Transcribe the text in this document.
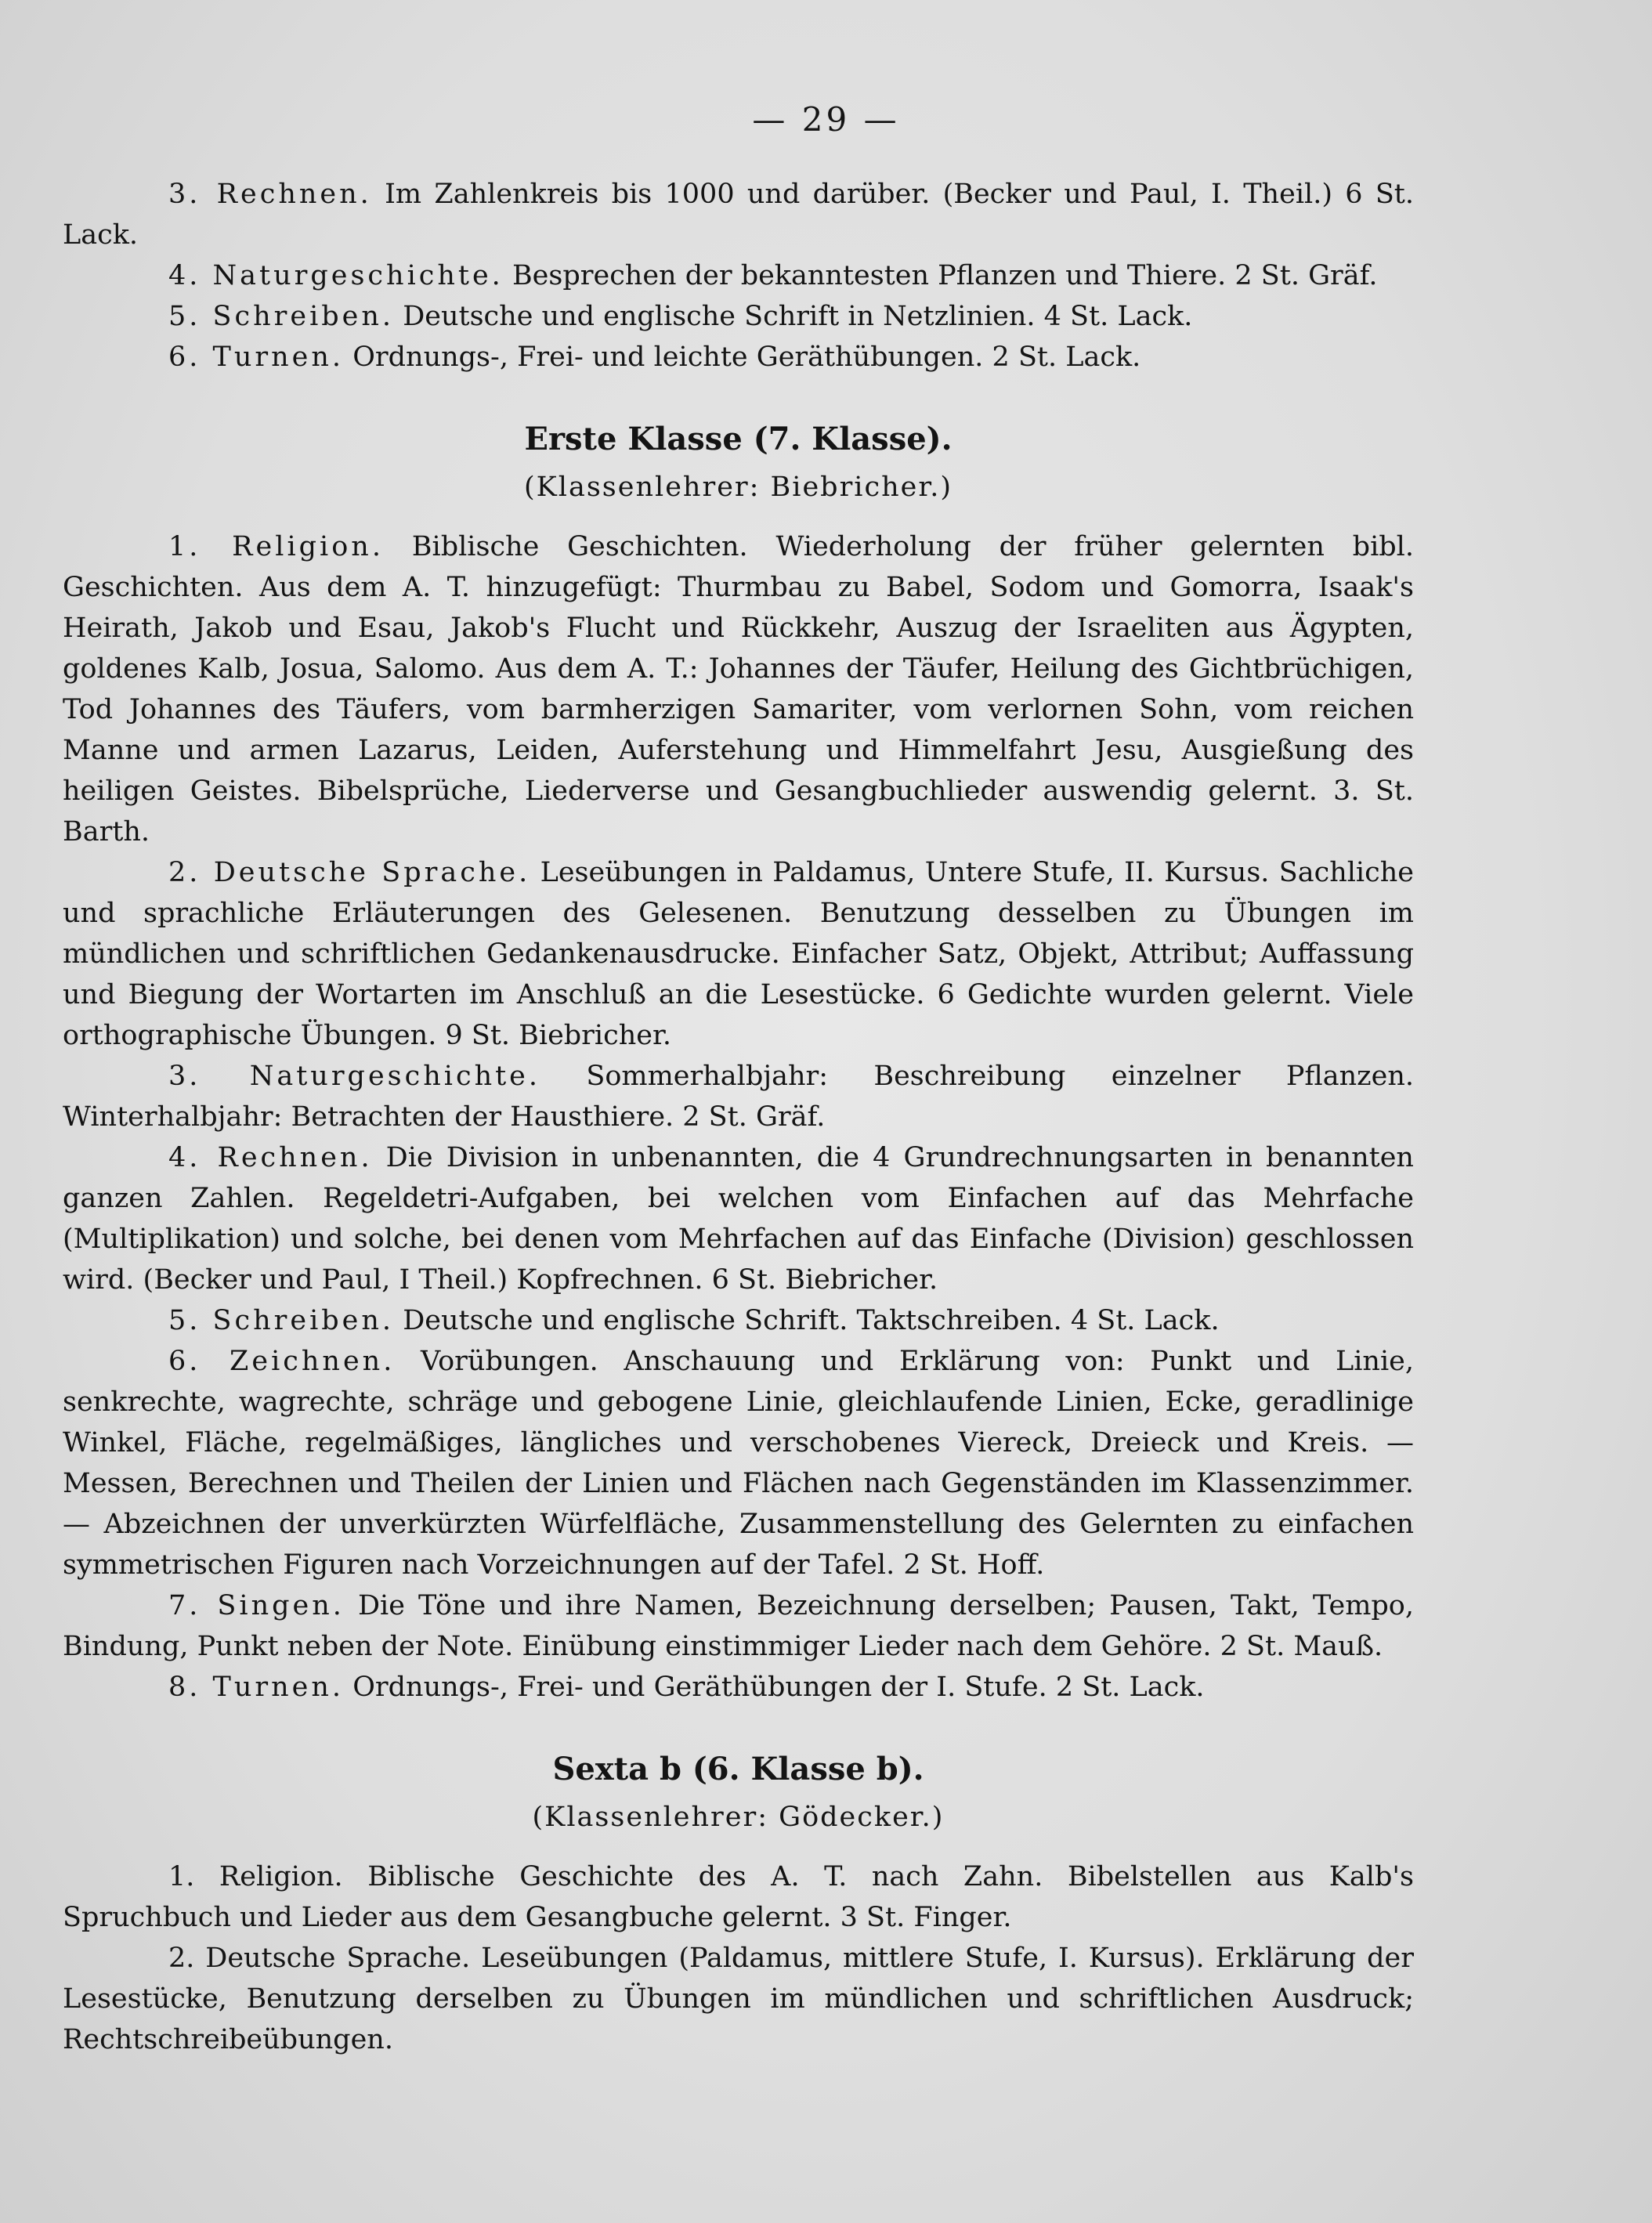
— 29 —

3. Rechnen. Im Zahlenkreis bis 1000 und darüber. (Becker und Paul, I. Theil.) 6 St. Lack.

4. Naturgeschichte. Besprechen der bekanntesten Pflanzen und Thiere. 2 St. Gräf.

5. Schreiben. Deutsche und englische Schrift in Netzlinien. 4 St. Lack.

6. Turnen. Ordnungs-, Frei- und leichte Geräthübungen. 2 St. Lack.

Erste Klasse (7. Klasse).

(Klassenlehrer: Biebricher.)

1. Religion. Biblische Geschichten. Wiederholung der früher gelernten bibl. Geschichten. Aus dem A. T. hinzugefügt: Thurmbau zu Babel, Sodom und Gomorra, Isaak's Heirath, Jakob und Esau, Jakob's Flucht und Rückkehr, Auszug der Israeliten aus Ägypten, goldenes Kalb, Josua, Salomo. Aus dem A. T.: Johannes der Täufer, Heilung des Gichtbrüchigen, Tod Johannes des Täufers, vom barmherzigen Samariter, vom verlornen Sohn, vom reichen Manne und armen Lazarus, Leiden, Auferstehung und Himmelfahrt Jesu, Ausgießung des heiligen Geistes. Bibelsprüche, Liederverse und Gesangbuchlieder auswendig gelernt. 3. St. Barth.

2. Deutsche Sprache. Leseübungen in Paldamus, Untere Stufe, II. Kursus. Sachliche und sprachliche Erläuterungen des Gelesenen. Benutzung desselben zu Übungen im mündlichen und schriftlichen Gedankenausdrucke. Einfacher Satz, Objekt, Attribut; Auffassung und Biegung der Wortarten im Anschluß an die Lesestücke. 6 Gedichte wurden gelernt. Viele orthographische Übungen. 9 St. Biebricher.

3. Naturgeschichte. Sommerhalbjahr: Beschreibung einzelner Pflanzen. Winterhalbjahr: Betrachten der Hausthiere. 2 St. Gräf.

4. Rechnen. Die Division in unbenannten, die 4 Grundrechnungsarten in benannten ganzen Zahlen. Regeldetri-Aufgaben, bei welchen vom Einfachen auf das Mehrfache (Multiplikation) und solche, bei denen vom Mehrfachen auf das Einfache (Division) geschlossen wird. (Becker und Paul, I Theil.) Kopfrechnen. 6 St. Biebricher.

5. Schreiben. Deutsche und englische Schrift. Taktschreiben. 4 St. Lack.

6. Zeichnen. Vorübungen. Anschauung und Erklärung von: Punkt und Linie, senkrechte, wagrechte, schräge und gebogene Linie, gleichlaufende Linien, Ecke, geradlinige Winkel, Fläche, regelmäßiges, längliches und verschobenes Viereck, Dreieck und Kreis. — Messen, Berechnen und Theilen der Linien und Flächen nach Gegenständen im Klassenzimmer. — Abzeichnen der unverkürzten Würfelfläche, Zusammenstellung des Gelernten zu einfachen symmetrischen Figuren nach Vorzeichnungen auf der Tafel. 2 St. Hoff.

7. Singen. Die Töne und ihre Namen, Bezeichnung derselben; Pausen, Takt, Tempo, Bindung, Punkt neben der Note. Einübung einstimmiger Lieder nach dem Gehöre. 2 St. Mauß.

8. Turnen. Ordnungs-, Frei- und Geräthübungen der I. Stufe. 2 St. Lack.

Sexta b (6. Klasse b).

(Klassenlehrer: Gödecker.)

1. Religion. Biblische Geschichte des A. T. nach Zahn. Bibelstellen aus Kalb's Spruchbuch und Lieder aus dem Gesangbuche gelernt. 3 St. Finger.

2. Deutsche Sprache. Leseübungen (Paldamus, mittlere Stufe, I. Kursus). Erklärung der Lesestücke, Benutzung derselben zu Übungen im mündlichen und schriftlichen Ausdruck; Rechtschreibeübungen.
